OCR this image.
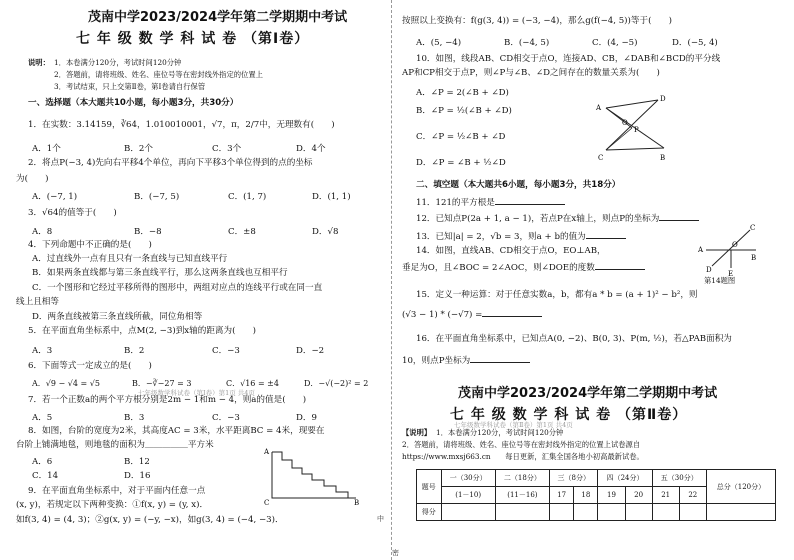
茂南中学2023/2024学年第二学期期中考试
七 年 级 数 学 科 试 卷 （第Ⅰ卷）
说明： 1．本卷满分120分，考试时间120分钟
2．答题前，请将班级、姓名、座位号等在密封线外指定的位置上
3．考试结束，只上交第Ⅱ卷，第Ⅰ卷请自行保管
一、选择题（本大题共10小题，每小题3分，共30分）
1．在实数：3.14159，∛64，1.010010001，√7，π，2/7中，无理数有(　　)
A．1个	B．2个	C．3个	D．4个
2．将点P(−3, 4)先向右平移4个单位，再向下平移3个单位得到的点的坐标
为(　　)
A．(−7, 1)	B．(−7, 5)	C．(1, 7)	D．(1, 1)
3．√64的值等于(　　)
A．8	B．−8	C．±8	D．√8
4．下列命题中不正确的是(　　)
A．过直线外一点有且只有一条直线与已知直线平行
B．如果两条直线都与第三条直线平行，那么这两条直线也互相平行
C．一个图形和它经过平移所得的图形中，两组对应点的连线平行或在同一直
线上且相等
D．两条直线被第三条直线所截，同位角相等
5．在平面直角坐标系中，点M(2, −3)到x轴的距离为(　　)
A．3	B．2	C．−3	D．−2
6．下面等式一定成立的是(　　)
A．√9 − √4 = √5	B．−∛−27 = 3	C．√16 = ±4	D．−√(−2)² = 2
7．若一个正数a的两个平方根分别是2m − 1和m − 4，则a的值是(　　)
A．5	B．3	C．−3	D．9
8．如图，台阶的宽度为2米，其高度AC = 3米，水平距离BC = 4米，现要在
台阶上铺满地毯，则地毯的面积为＿＿＿＿＿平方米
A．6	B．12
C．14	D．16
9．在平面直角坐标系中，对于平面内任意一点
(x, y)，若规定以下两种变换：①f(x, y) = (y, x)．
如f(3, 4) = (4, 3)；②g(x, y) = (−y, −x)，如g(3, 4) = (−4, −3)．
A
C	B
七年级数学科试卷（第Ⅰ卷）第1页 共4页
中
密
按照以上变换有：f(g(3, 4)) = (−3, −4)，那么g(f(−4, 5))等于(　　)
A．(5, −4)	B．(−4, 5)	C．(4, −5)	D．(−5, 4)
10．如图，线段AB、CD相交于点O，连接AD、CB，∠DAB和∠BCD的平分线
AP和CP相交于点P，则∠P与∠B、∠D之间存在的数量关系为(　　)
A．∠P = 2(∠B + ∠D)
B．∠P = ½(∠B + ∠D)
C．∠P = ½∠B + ∠D
D．∠P = ∠B + ½∠D
A
D
O
P
C	B
二、填空题（本大题共6小题，每小题3分，共18分）
11．121的平方根是
12．已知点P(2a + 1, a − 1)，若点P在x轴上，则点P的坐标为
13．已知|a| = 2，√b = 3，则a + b的值为
14．如图，直线AB、CD相交于点O，EO⊥AB，
垂足为O，且∠BOC = 2∠AOC，则∠DOE的度数
A
O
B
C
D E
第14题图
15．定义一种运算：对于任意实数a，b，都有a * b = (a + 1)² − b²，则
(√3 − 1) * (−√7) =
16．在平面直角坐标系中，已知点A(0, −2)、B(0, 3)、P(m, ½)，若△PAB面积为
10，则点P坐标为
茂南中学2023/2024学年第二学期期中考试
七 年 级 数 学 科 试 卷 （第Ⅱ卷）
七年级数学科试卷（第Ⅱ卷）第1页 共4页
【说明】 1．本卷满分120分，考试时间120分钟
2．答题前，请将班级、姓名、座位号等在密封线外指定的位置上试卷源自
https://www.mxsj663.cn　　每日更新，汇集全国各地小初高最新试卷。
题号	一（30分）	二（18分）	三（8分）		四（24分）		五（30分）		总分（120分）
	(1－10)	(11－16)	17	18	19	20	21	22	
得分									
